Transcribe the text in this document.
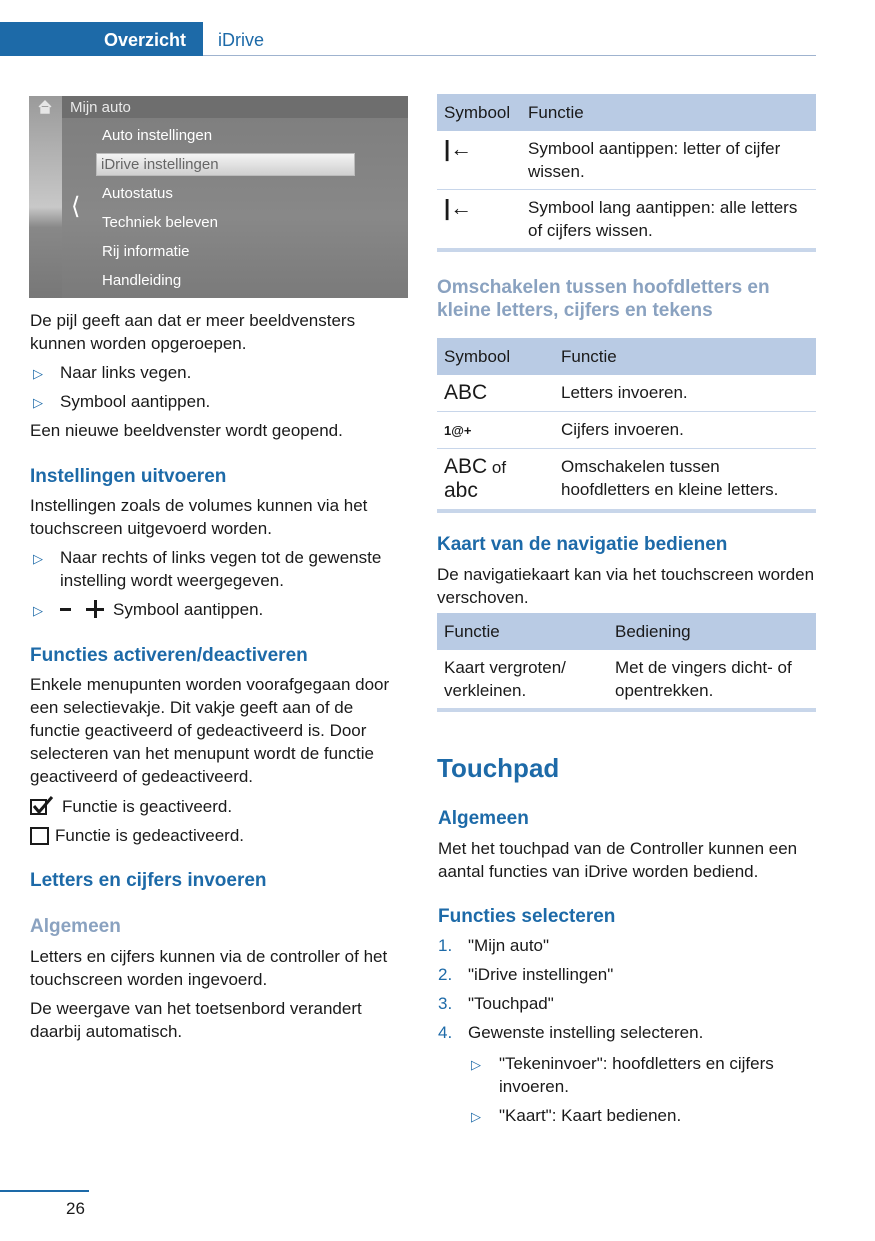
Overzicht iDrive
Mijn auto
⟨
Auto instellingen
iDrive instellingen
Autostatus
Techniek beleven
Rij informatie
Handleiding
De pijl geeft aan dat er meer beeldvensters kunnen worden opgeroepen.
▷ Naar links vegen.
▷ Symbool aantippen.
Een nieuwe beeldvenster wordt geopend.
Instellingen uitvoeren
Instellingen zoals de volumes kunnen via het touchscreen uitgevoerd worden.
▷ Naar rechts of links vegen tot de gewenste instelling wordt weergegeven.
▷	Symbool aantippen.
Functies activeren/deactiveren
Enkele menupunten worden voorafgegaan door een selectievakje. Dit vakje geeft aan of de functie geactiveerd of gedeactiveerd is. Door selecteren van het menupunt wordt de functie geactiveerd of gedeactiveerd.
Functie is geactiveerd.
Functie is gedeactiveerd.
Letters en cijfers invoeren
Algemeen
Letters en cijfers kunnen via de controller of het touchscreen worden ingevoerd.
De weergave van het toetsenbord verandert daarbij automatisch.
Symbool	Functie
|←	Symbool aantippen: letter of cijfer wissen.
|←	Symbool lang aantippen: alle letters of cijfers wissen.
Omschakelen tussen hoofdletters en kleine letters, cijfers en tekens
Symbool	Functie
ABC	Letters invoeren.
1@+	Cijfers invoeren.
ABC of
abc	Omschakelen tussen hoofdletters en kleine letters.
Kaart van de navigatie bedienen
De navigatiekaart kan via het touchscreen worden verschoven.
Functie	Bediening
Kaart vergroten/ verkleinen.	Met de vingers dicht- of opentrekken.
Touchpad
Algemeen
Met het touchpad van de Controller kunnen een aantal functies van iDrive worden bediend.
Functies selecteren
1. "Mijn auto"
2. "iDrive instellingen"
3. "Touchpad"
4. Gewenste instelling selecteren.
▷ "Tekeninvoer": hoofdletters en cijfers invoeren.
▷ "Kaart": Kaart bedienen.
26
